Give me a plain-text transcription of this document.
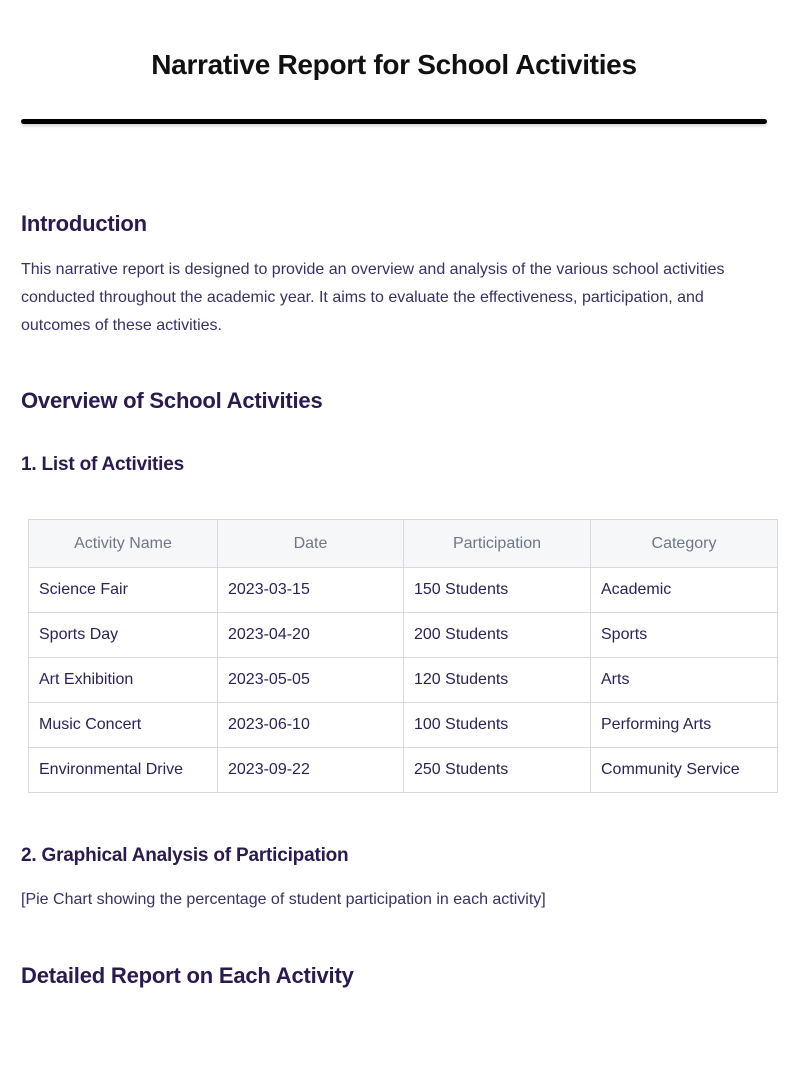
Narrative Report for School Activities
Introduction

This narrative report is designed to provide an overview and analysis of the various school activities conducted throughout the academic year. It aims to evaluate the effectiveness, participation, and outcomes of these activities.

Overview of School Activities
1. List of Activities
Activity Name	Date	Participation	Category
Science Fair	2023-03-15	150 Students	Academic
Sports Day	2023-04-20	200 Students	Sports
Art Exhibition	2023-05-05	120 Students	Arts
Music Concert	2023-06-10	100 Students	Performing Arts
Environmental Drive	2023-09-22	250 Students	Community Service
2. Graphical Analysis of Participation

[Pie Chart showing the percentage of student participation in each activity]

Detailed Report on Each Activity
